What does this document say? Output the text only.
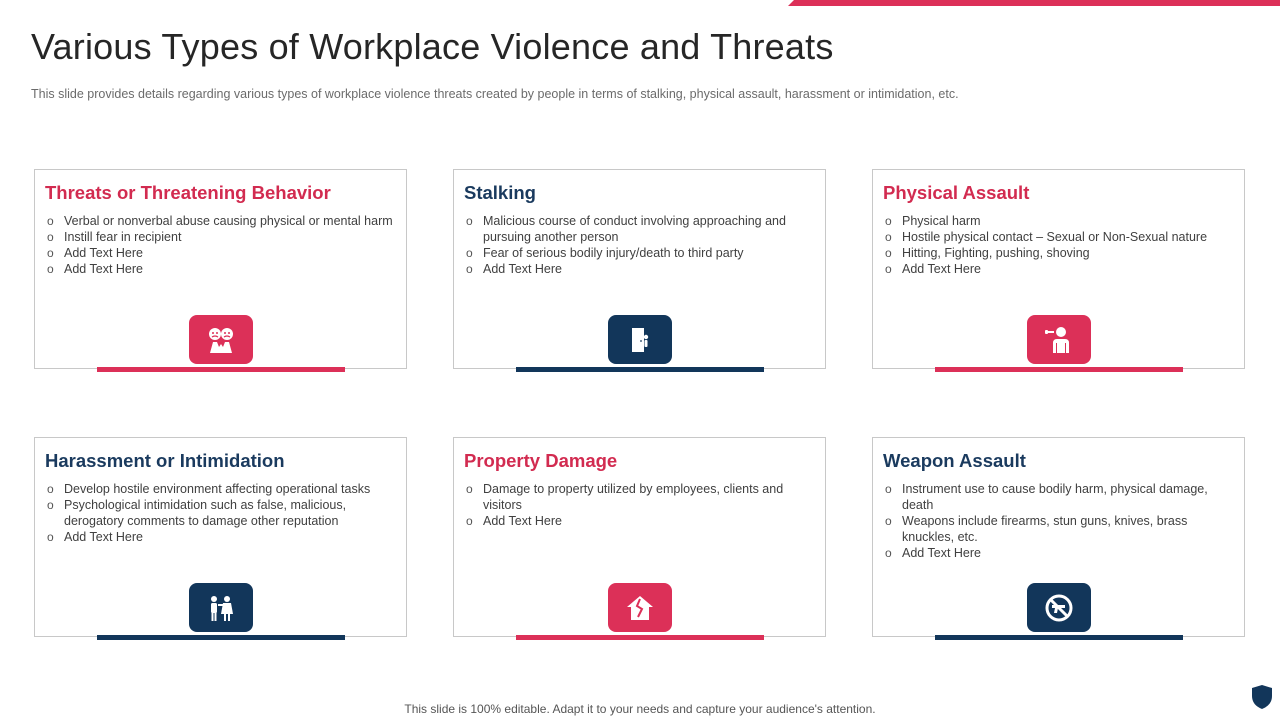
Various Types of Workplace Violence and Threats
This slide provides details regarding various types of workplace violence threats created by people in terms of stalking, physical assault, harassment or intimidation, etc.
Threats or Threatening Behavior
o Verbal or nonverbal abuse causing physical or mental harm
o Instill fear in recipient
o Add Text Here
o Add Text Here
Stalking
o Malicious course of conduct involving approaching and pursuing another person
o Fear of serious bodily injury/death to third party
o Add Text Here
Physical Assault
o Physical harm
o Hostile physical contact – Sexual or Non-Sexual nature
o Hitting, Fighting, pushing, shoving
o Add Text Here
Harassment or Intimidation
o Develop hostile environment affecting operational tasks
o Psychological intimidation such as false, malicious, derogatory comments to damage other reputation
o Add Text Here
Property Damage
o Damage to property utilized by employees, clients and visitors
o Add Text Here
Weapon Assault
o Instrument use to cause bodily harm, physical damage, death
o Weapons include firearms, stun guns, knives, brass knuckles, etc.
o Add Text Here
This slide is 100% editable. Adapt it to your needs and capture your audience's attention.
